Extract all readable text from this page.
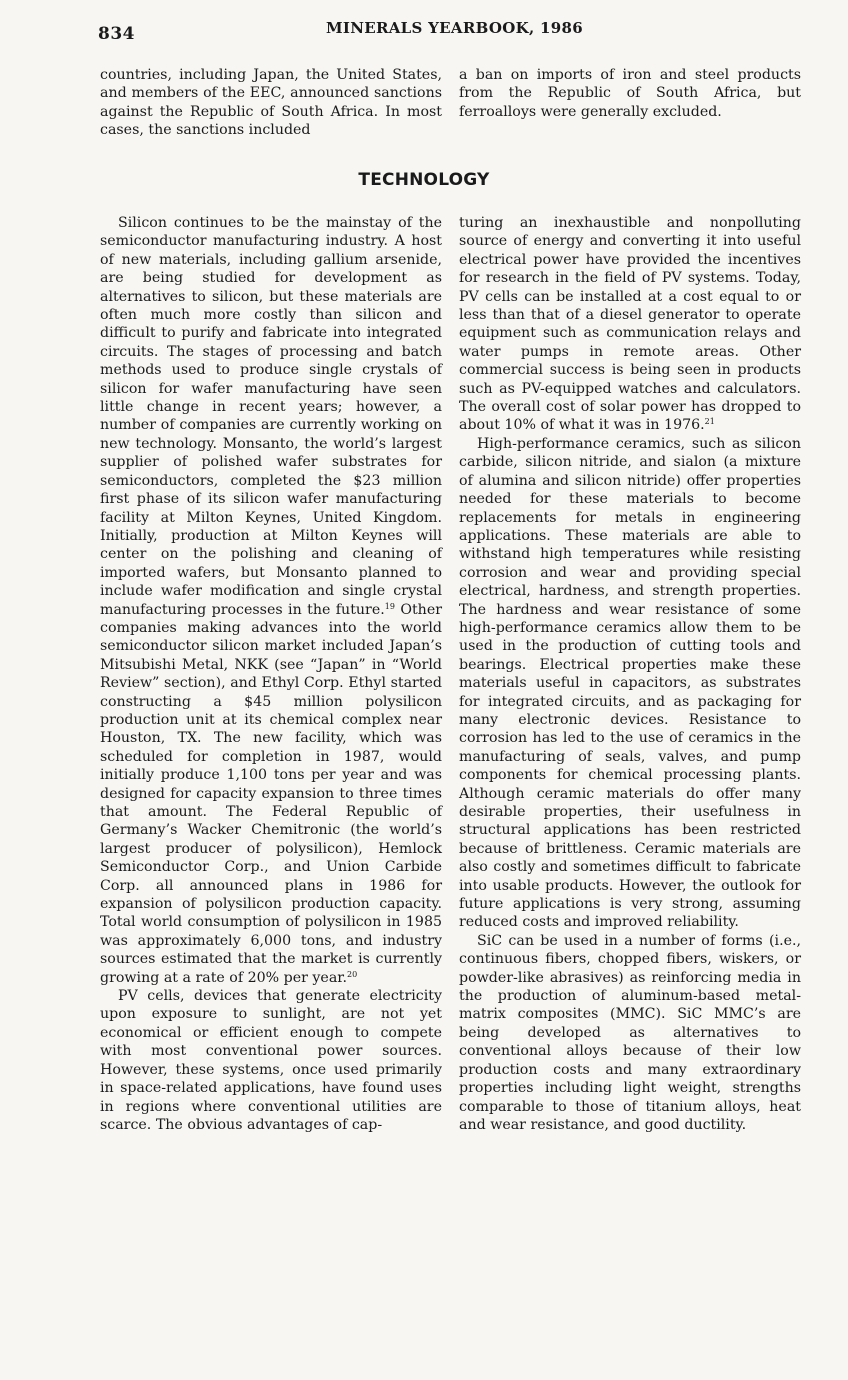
834	MINERALS YEARBOOK, 1986

countries, including Japan, the United States, and members of the EEC, announced sanctions against the Republic of South Africa. In most cases, the sanctions included

a ban on imports of iron and steel products from the Republic of South Africa, but ferroalloys were generally excluded.

TECHNOLOGY

Silicon continues to be the mainstay of the semiconductor manufacturing industry. A host of new materials, including gallium arsenide, are being studied for development as alternatives to silicon, but these materials are often much more costly than silicon and difficult to purify and fabricate into integrated circuits. The stages of processing and batch methods used to produce single crystals of silicon for wafer manufacturing have seen little change in recent years; however, a number of companies are currently working on new technology. Monsanto, the world’s largest supplier of polished wafer substrates for semiconductors, completed the $23 million first phase of its silicon wafer manufacturing facility at Milton Keynes, United Kingdom. Initially, production at Milton Keynes will center on the polishing and cleaning of imported wafers, but Monsanto planned to include wafer modification and single crystal manufacturing processes in the future.$^{19}$ Other companies making advances into the world semiconductor silicon market included Japan’s Mitsubishi Metal, NKK (see “Japan” in “World Review” section), and Ethyl Corp. Ethyl started constructing a $45 million polysilicon production unit at its chemical complex near Houston, TX. The new facility, which was scheduled for completion in 1987, would initially produce 1,100 tons per year and was designed for capacity expansion to three times that amount. The Federal Republic of Germany’s Wacker Chemitronic (the world’s largest producer of polysilicon), Hemlock Semiconductor Corp., and Union Carbide Corp. all announced plans in 1986 for expansion of polysilicon production capacity. Total world consumption of polysilicon in 1985 was approximately 6,000 tons, and industry sources estimated that the market is currently growing at a rate of 20% per year.$^{20}$

PV cells, devices that generate electricity upon exposure to sunlight, are not yet economical or efficient enough to compete with most conventional power sources. However, these systems, once used primarily in space-related applications, have found uses in regions where conventional utilities are scarce. The obvious advantages of cap-

turing an inexhaustible and nonpolluting source of energy and converting it into useful electrical power have provided the incentives for research in the field of PV systems. Today, PV cells can be installed at a cost equal to or less than that of a diesel generator to operate equipment such as communication relays and water pumps in remote areas. Other commercial success is being seen in products such as PV-equipped watches and calculators. The overall cost of solar power has dropped to about 10% of what it was in 1976.21

High-performance ceramics, such as silicon carbide, silicon nitride, and sialon (a mixture of alumina and silicon nitride) offer properties needed for these materials to become replacements for metals in engineering applications. These materials are able to withstand high temperatures while resisting corrosion and wear and providing special electrical, hardness, and strength properties. The hardness and wear resistance of some high-performance ceramics allow them to be used in the production of cutting tools and bearings. Electrical properties make these materials useful in capacitors, as substrates for integrated circuits, and as packaging for many electronic devices. Resistance to corrosion has led to the use of ceramics in the manufacturing of seals, valves, and pump components for chemical processing plants. Although ceramic materials do offer many desirable properties, their usefulness in structural applications has been restricted because of brittleness. Ceramic materials are also costly and sometimes difficult to fabricate into usable products. However, the outlook for future applications is very strong, assuming reduced costs and improved reliability.

SiC can be used in a number of forms (i.e., continuous fibers, chopped fibers, wiskers, or powder-like abrasives) as reinforcing media in the production of aluminum-based metal-matrix composites (MMC). SiC MMC’s are being developed as alternatives to conventional alloys because of their low production costs and many extraordinary properties including light weight, strengths comparable to those of titanium alloys, heat and wear resistance, and good ductility.
